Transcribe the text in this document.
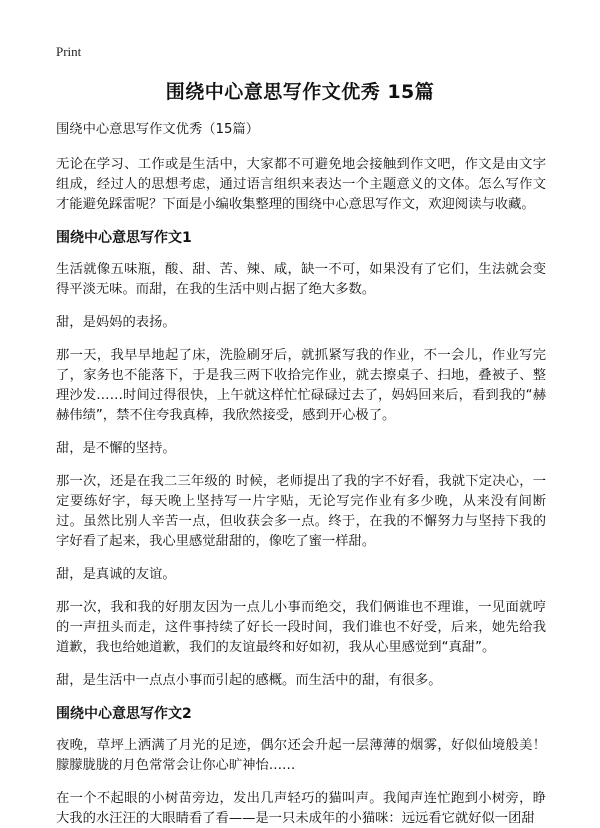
Print
围绕中心意思写作文优秀 15篇

围绕中心意思写作文优秀（15篇）

无论在学习、工作或是生活中，大家都不可避免地会接触到作文吧，作文是由文字组成，经过人的思想考虑，通过语言组织来表达一个主题意义的文体。怎么写作文才能避免踩雷呢？下面是小编收集整理的围绕中心意思写作文，欢迎阅读与收藏。

围绕中心意思写作文1

生活就像五味瓶，酸、甜、苦、辣、咸，缺一不可，如果没有了它们，生法就会变得平淡无味。而甜，在我的生活中则占据了绝大多数。

甜，是妈妈的表扬。

那一天，我早早地起了床，洗脸刷牙后，就抓紧写我的作业，不一会儿，作业写完了，家务也不能落下，于是我三两下收拾完作业，就去擦桌子、扫地，叠被子、整理沙发……时间过得很快，上午就这样忙忙碌碌过去了，妈妈回来后，看到我的“赫赫伟绩”，禁不住夸我真棒，我欣然接受，感到开心极了。

甜，是不懈的坚持。

那一次，还是在我二三年级的 时候，老师提出了我的字不好看，我就下定决心，一定要练好字，每天晚上坚持写一片字贴，无论写完作业有多少晚，从来没有间断过。虽然比别人辛苦一点，但收获会多一点。终于，在我的不懈努力与坚持下我的字好看了起来，我心里感觉甜甜的，像吃了蜜一样甜。

甜，是真诚的友谊。

那一次，我和我的好朋友因为一点儿小事而绝交，我们俩谁也不理谁，一见面就哼的一声扭头而走，这件事持续了好长一段时间，我们谁也不好受，后来，她先给我道歉，我也给她道歉，我们的友谊最终和好如初，我从心里感觉到“真甜”。

甜，是生活中一点点小事而引起的感概。而生活中的甜，有很多。

围绕中心意思写作文2

夜晚，草坪上洒满了月光的足迹，偶尔还会升起一层薄薄的烟雾，好似仙境般美！朦朦胧胧的月色常常会让你心旷神怡……

在一个不起眼的小树苗旁边，发出几声轻巧的猫叫声。我闻声连忙跑到小树旁，睁大我的水汪汪的大眼睛看了看——是一只未成年的小猫咪：远远看它就好似一团甜
